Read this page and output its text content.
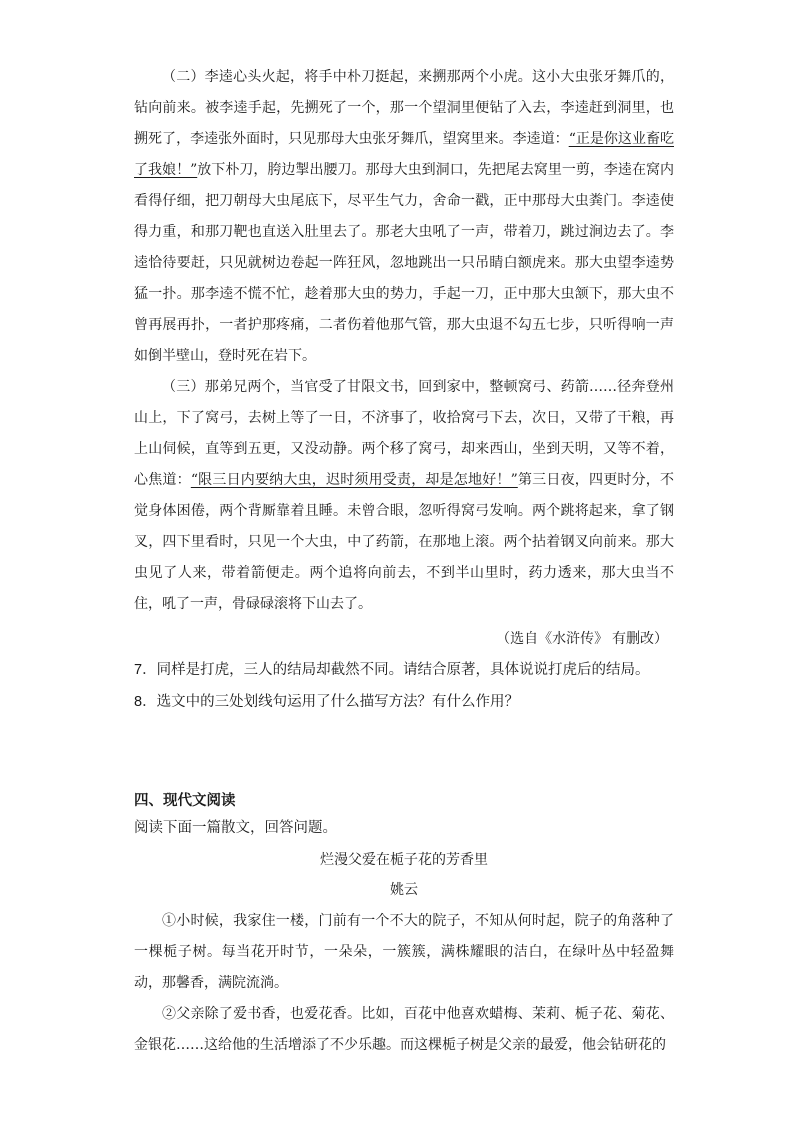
（二）李逵心头火起，将手中朴刀挺起，来搠那两个小虎。这小大虫张牙舞爪的，钻向前来。被李逵手起，先搠死了一个，那一个望洞里便钻了入去，李逵赶到洞里，也搠死了，李逵张外面时，只见那母大虫张牙舞爪，望窝里来。李逵道：“正是你这业畜吃了我娘！”放下朴刀，胯边掣出腰刀。那母大虫到洞口，先把尾去窝里一剪，李逵在窝内看得仔细，把刀朝母大虫尾底下，尽平生气力，舍命一戳，正中那母大虫粪门。李逵使得力重，和那刀靶也直送入肚里去了。那老大虫吼了一声，带着刀，跳过涧边去了。李逵恰待要赶，只见就树边卷起一阵狂风，忽地跳出一只吊睛白额虎来。那大虫望李逵势猛一扑。那李逵不慌不忙，趁着那大虫的势力，手起一刀，正中那大虫颔下，那大虫不曾再展再扑，一者护那疼痛，二者伤着他那气管，那大虫退不勾五七步，只听得响一声如倒半壁山，登时死在岩下。

（三）那弟兄两个，当官受了甘限文书，回到家中，整顿窝弓、药箭……径奔登州山上，下了窝弓，去树上等了一日，不济事了，收拾窝弓下去，次日，又带了干粮，再上山伺候，直等到五更，又没动静。两个移了窝弓，却来西山，坐到天明，又等不着，心焦道：“限三日内要纳大虫，迟时须用受责，却是怎地好！”第三日夜，四更时分，不觉身体困倦，两个背厮靠着且睡。未曾合眼，忽听得窝弓发响。两个跳将起来，拿了钢叉，四下里看时，只见一个大虫，中了药箭，在那地上滚。两个拈着钢叉向前来。那大虫见了人来，带着箭便走。两个追将向前去，不到半山里时，药力透来，那大虫当不住，吼了一声，骨碌碌滚将下山去了。

（选自《水浒传》 有删改）

7．同样是打虎，三人的结局却截然不同。请结合原著，具体说说打虎后的结局。

8．选文中的三处划线句运用了什么描写方法？有什么作用？

四、现代文阅读
阅读下面一篇散文，回答问题。
烂漫父爱在栀子花的芳香里
姚云

①小时候，我家住一楼，门前有一个不大的院子，不知从何时起，院子的角落种了一棵栀子树。每当花开时节，一朵朵，一簇簇，满株耀眼的洁白，在绿叶丛中轻盈舞动，那馨香，满院流淌。

②父亲除了爱书香，也爱花香。比如，百花中他喜欢蜡梅、茉莉、栀子花、菊花、金银花……这给他的生活增添了不少乐趣。而这棵栀子树是父亲的最爱，他会钻研花的
